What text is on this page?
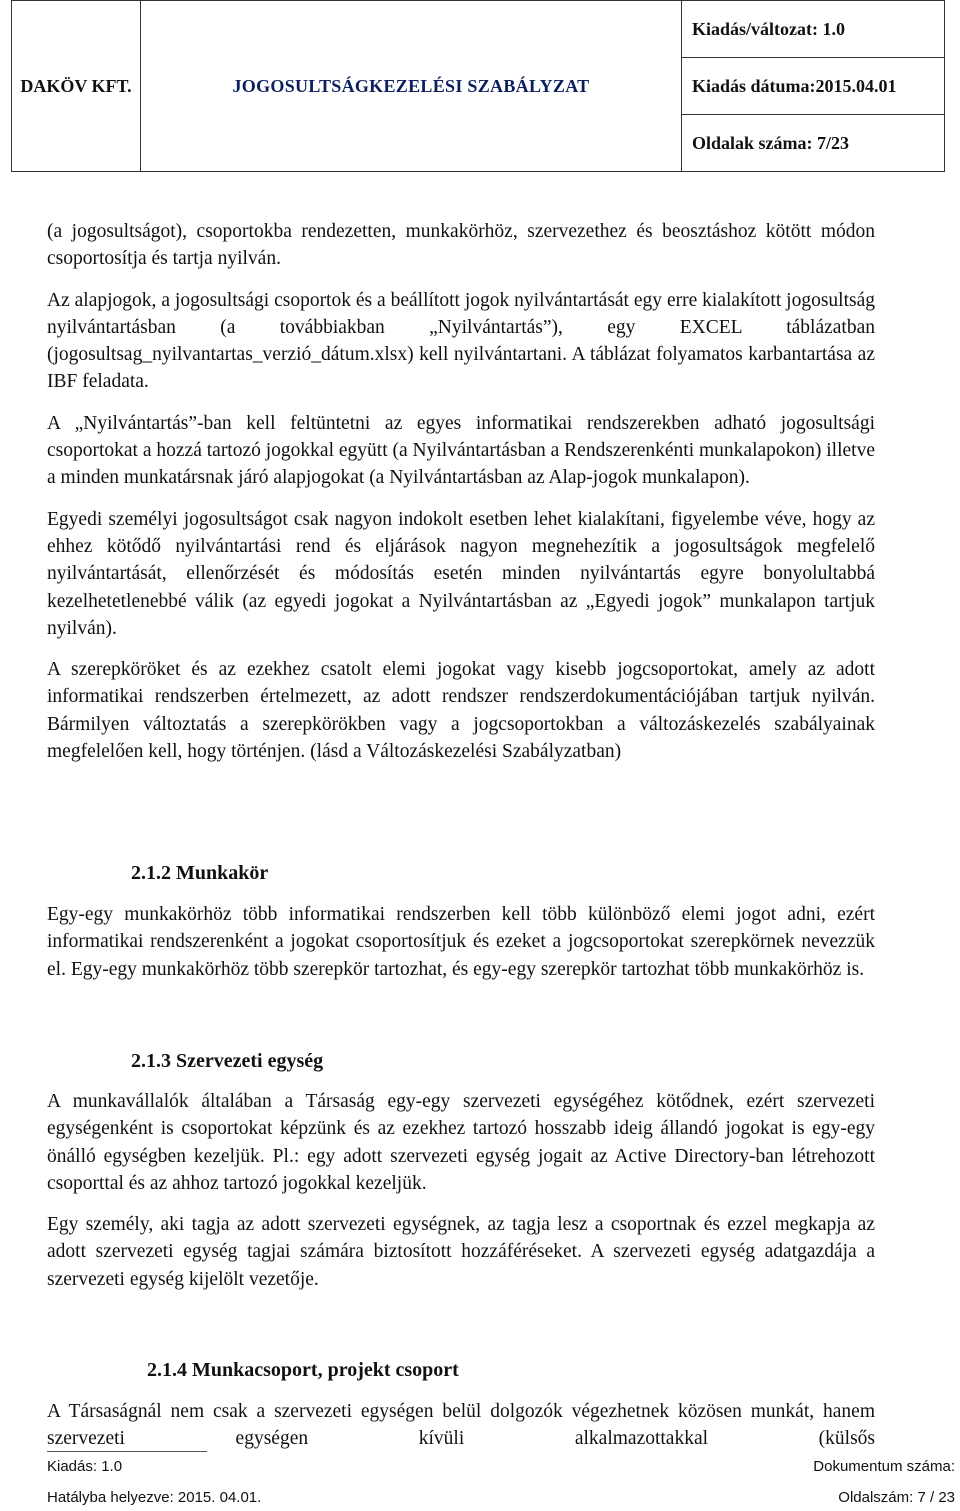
DAKÖV KFT.	JOGOSULTSÁGKEZELÉSI SZABÁLYZAT	Kiadás/változat: 1.0
Kiadás dátuma:2015.04.01
Oldalak száma: 7/23

(a jogosultságot), csoportokba rendezetten, munkakörhöz, szervezethez és beosztáshoz kötött módon csoportosítja és tartja nyilván.

Az alapjogok, a jogosultsági csoportok és a beállított jogok nyilvántartását egy erre kialakított jogosultság nyilvántartásban (a továbbiakban „Nyilvántartás”), egy EXCEL táblázatban (jogosultsag_nyilvantartas_verzió_dátum.xlsx) kell nyilvántartani. A táblázat folyamatos karbantartása az IBF feladata.

A „Nyilvántartás”-ban kell feltüntetni az egyes informatikai rendszerekben adható jogosultsági csoportokat a hozzá tartozó jogokkal együtt (a Nyilvántartásban a Rendszerenkénti munkalapokon) illetve a minden munkatársnak járó alapjogokat (a Nyilvántartásban az Alap-jogok munkalapon).

Egyedi személyi jogosultságot csak nagyon indokolt esetben lehet kialakítani, figyelembe véve, hogy az ehhez kötődő nyilvántartási rend és eljárások nagyon megnehezítik a jogosultságok megfelelő nyilvántartását, ellenőrzését és módosítás esetén minden nyilvántartás egyre bonyolultabbá kezelhetetlenebbé válik (az egyedi jogokat a Nyilvántartásban az „Egyedi jogok” munkalapon tartjuk nyilván).

A szerepköröket és az ezekhez csatolt elemi jogokat vagy kisebb jogcsoportokat, amely az adott informatikai rendszerben értelmezett, az adott rendszer rendszerdokumentációjában tartjuk nyilván. Bármilyen változtatás a szerepkörökben vagy a jogcsoportokban a változáskezelés szabályainak megfelelően kell, hogy történjen. (lásd a Változáskezelési Szabályzatban)

2.1.2 Munkakör

Egy-egy munkakörhöz több informatikai rendszerben kell több különböző elemi jogot adni, ezért informatikai rendszerenként a jogokat csoportosítjuk és ezeket a jogcsoportokat szerepkörnek nevezzük el. Egy-egy munkakörhöz több szerepkör tartozhat, és egy-egy szerepkör tartozhat több munkakörhöz is.

2.1.3 Szervezeti egység

A munkavállalók általában a Társaság egy-egy szervezeti egységéhez kötődnek, ezért szervezeti egységenként is csoportokat képzünk és az ezekhez tartozó hosszabb ideig állandó jogokat is egy-egy önálló egységben kezeljük. Pl.: egy adott szervezeti egység jogait az Active Directory-ban létrehozott csoporttal és az ahhoz tartozó jogokkal kezeljük.

Egy személy, aki tagja az adott szervezeti egységnek, az tagja lesz a csoportnak és ezzel megkapja az adott szervezeti egység tagjai számára biztosított hozzáféréseket. A szervezeti egység adatgazdája a szervezeti egység kijelölt vezetője.

2.1.4 Munkacsoport, projekt csoport

A Társaságnál nem csak a szervezeti egységen belül dolgozók végezhetnek közösen munkát, hanem szervezeti egységen kívüli alkalmazottakkal (külsős

Kiadás: 1.0	Dokumentum száma:
Hatályba helyezve: 2015. 04.01.	Oldalszám: 7 / 23
